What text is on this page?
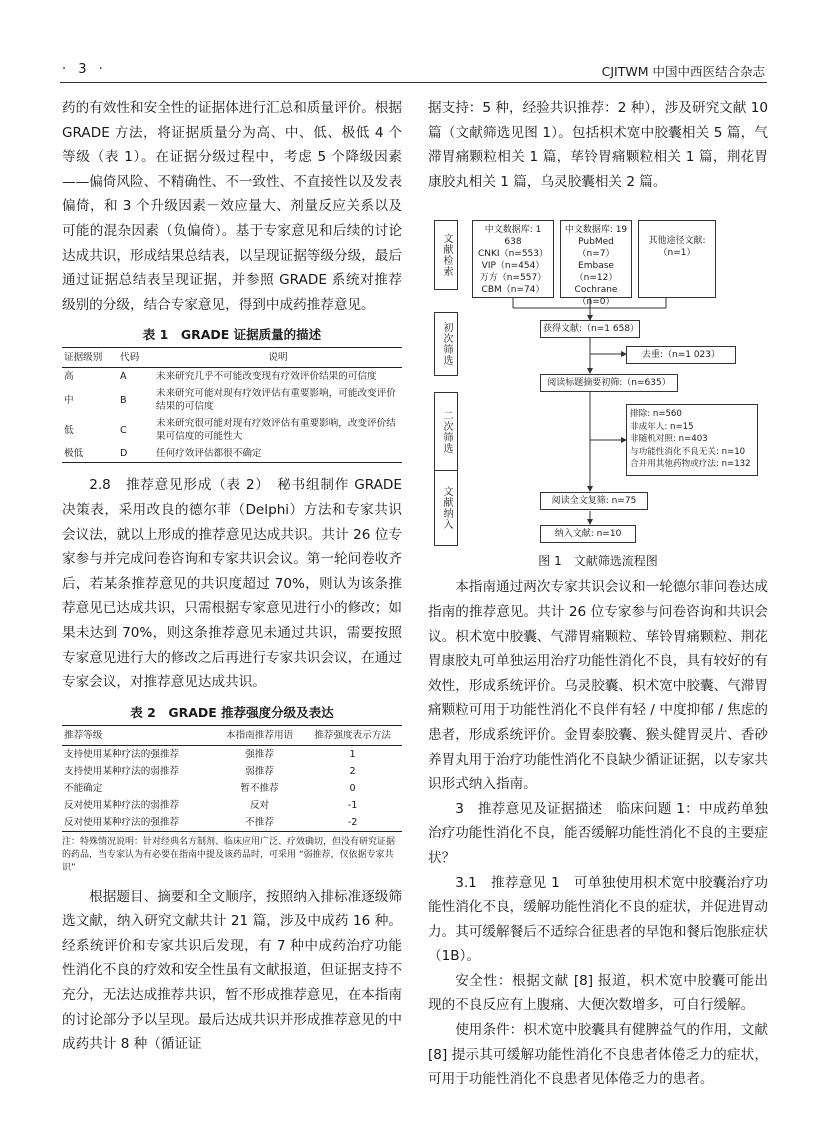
· 3 ·	CJITWM 中国中西医结合杂志

药的有效性和安全性的证据体进行汇总和质量评价。根据 GRADE 方法，将证据质量分为高、中、低、极低 4 个等级（表 1）。在证据分级过程中，考虑 5 个降级因素——偏倚风险、不精确性、不一致性、不直接性以及发表偏倚，和 3 个升级因素－效应量大、剂量反应关系以及可能的混杂因素（负偏倚）。基于专家意见和后续的讨论达成共识，形成结果总结表，以呈现证据等级分级，最后通过证据总结表呈现证据，并参照 GRADE 系统对推荐级别的分级，结合专家意见，得到中成药推荐意见。

表 1　GRADE 证据质量的描述
证据级别	代码	说明
高	A	未来研究几乎不可能改变现有疗效评价结果的可信度
中	B	未来研究可能对现有疗效评估有重要影响，可能改变评价结果的可信度
低	C	未来研究很可能对现有疗效评估有重要影响，改变评价结果可信度的可能性大
极低	D	任何疗效评估都很不确定

2.8　推荐意见形成（表 2）　秘书组制作 GRADE 决策表，采用改良的德尔菲（Delphi）方法和专家共识会议法，就以上形成的推荐意见达成共识。共计 26 位专家参与并完成问卷咨询和专家共识会议。第一轮问卷收齐后，若某条推荐意见的共识度超过 70%，则认为该条推荐意见已达成共识，只需根据专家意见进行小的修改；如果未达到 70%，则这条推荐意见未通过共识，需要按照专家意见进行大的修改之后再进行专家共识会议，在通过专家会议，对推荐意见达成共识。

表 2　GRADE 推荐强度分级及表达
推荐等级	本指南推荐用语	推荐强度表示方法
支持使用某种疗法的强推荐	强推荐	1
支持使用某种疗法的弱推荐	弱推荐	2
不能确定	暂不推荐	0
反对使用某种疗法的弱推荐	反对	-1
反对使用某种疗法的强推荐	不推荐	-2
注：特殊情况说明：针对经典名方制剂、临床应用广泛、疗效确切，但没有研究证据的药品，当专家认为有必要在指南中提及该药品时，可采用 “弱推荐，仅依据专家共识”

根据题目、摘要和全文顺序，按照纳入排标准逐级筛选文献，纳入研究文献共计 21 篇，涉及中成药 16 种。经系统评价和专家共识后发现，有 7 种中成药治疗功能性消化不良的疗效和安全性虽有文献报道，但证据支持不充分，无法达成推荐共识，暂不形成推荐意见，在本指南的讨论部分予以呈现。最后达成共识并形成推荐意见的中成药共计 8 种（循证证

据支持：5 种，经验共识推荐：2 种），涉及研究文献 10 篇（文献筛选见图 1）。包括枳术宽中胶囊相关 5 篇，气滞胃痛颗粒相关 1 篇，荜铃胃痛颗粒相关 1 篇，荆花胃康胶丸相关 1 篇，乌灵胶囊相关 2 篇。

文献检索
初次筛选
二次筛选
文献纳入
中文数据库: 1 638
CNKI（n=553）
VIP（n=454）
万方（n=557）
CBM（n=74）
中文数据库: 19
PubMed（n=7）
Embase（n=12）
Cochrane（n=0）
其他途径文献:
（n=1）
获得文献:（n=1 658）
去重:（n=1 023）
阅读标题摘要初筛:（n=635）
排除: n=560
非成年人: n=15
非随机对照: n=403
与功能性消化不良无关: n=10
合并用其他药物或疗法: n=132
阅读全文复筛: n=75
纳入文献: n=10
图 1　文献筛选流程图

本指南通过两次专家共识会议和一轮德尔菲问卷达成指南的推荐意见。共计 26 位专家参与问卷咨询和共识会议。枳术宽中胶囊、气滞胃痛颗粒、荜铃胃痛颗粒、荆花胃康胶丸可单独运用治疗功能性消化不良，具有较好的有效性，形成系统评价。乌灵胶囊、枳术宽中胶囊、气滞胃痛颗粒可用于功能性消化不良伴有轻 / 中度抑郁 / 焦虑的患者，形成系统评价。金胃泰胶囊、猴头健胃灵片、香砂养胃丸用于治疗功能性消化不良缺少循证证据，以专家共识形式纳入指南。

3　推荐意见及证据描述　临床问题 1：中成药单独治疗功能性消化不良，能否缓解功能性消化不良的主要症状？

3.1　推荐意见 1　可单独使用枳术宽中胶囊治疗功能性消化不良，缓解功能性消化不良的症状，并促进胃动力。其可缓解餐后不适综合征患者的早饱和餐后饱胀症状（1B）。

安全性：根据文献 [8] 报道，枳术宽中胶囊可能出现的不良反应有上腹痛、大便次数增多，可自行缓解。

使用条件：枳术宽中胶囊具有健脾益气的作用，文献 [8] 提示其可缓解功能性消化不良患者体倦乏力的症状，可用于功能性消化不良患者见体倦乏力的患者。
